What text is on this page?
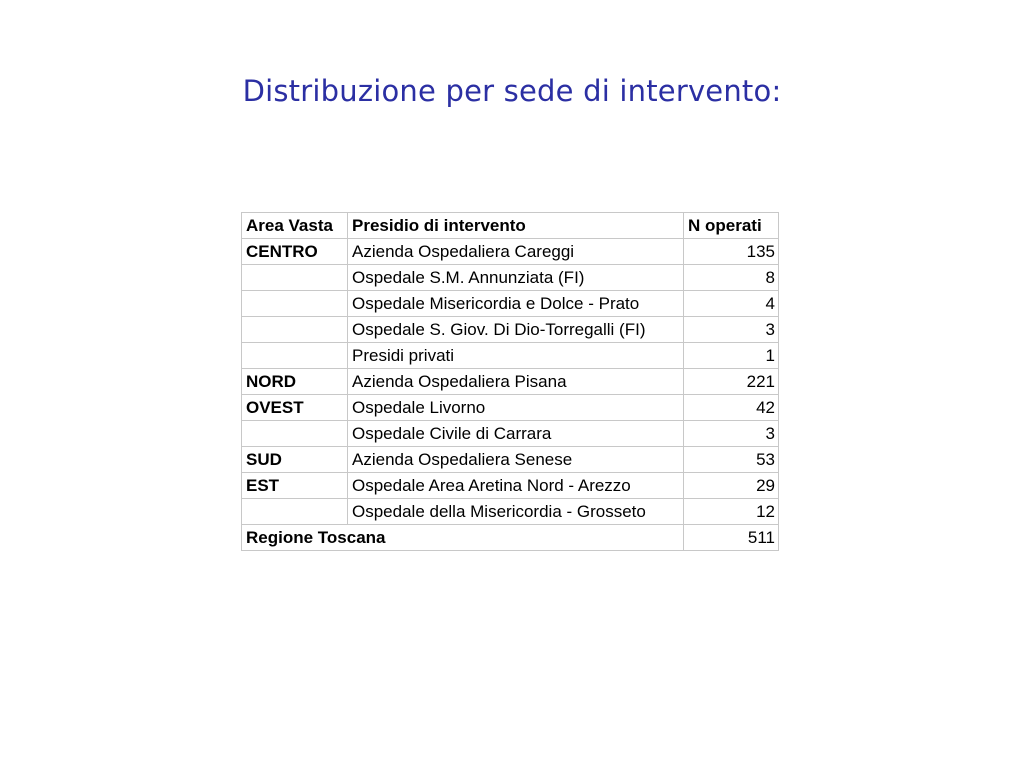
Distribuzione per sede di intervento:
Area Vasta	Presidio di intervento	N operati
CENTRO	Azienda Ospedaliera Careggi	135
	Ospedale S.M. Annunziata (FI)	8
	Ospedale Misericordia e Dolce - Prato	4
	Ospedale S. Giov. Di Dio-Torregalli (FI)	3
	Presidi privati	1
NORD	Azienda Ospedaliera Pisana	221
OVEST	Ospedale Livorno	42
	Ospedale Civile di Carrara	3
SUD	Azienda Ospedaliera Senese	53
EST	Ospedale Area Aretina Nord - Arezzo	29
	Ospedale della Misericordia - Grosseto	12
Regione Toscana		511
